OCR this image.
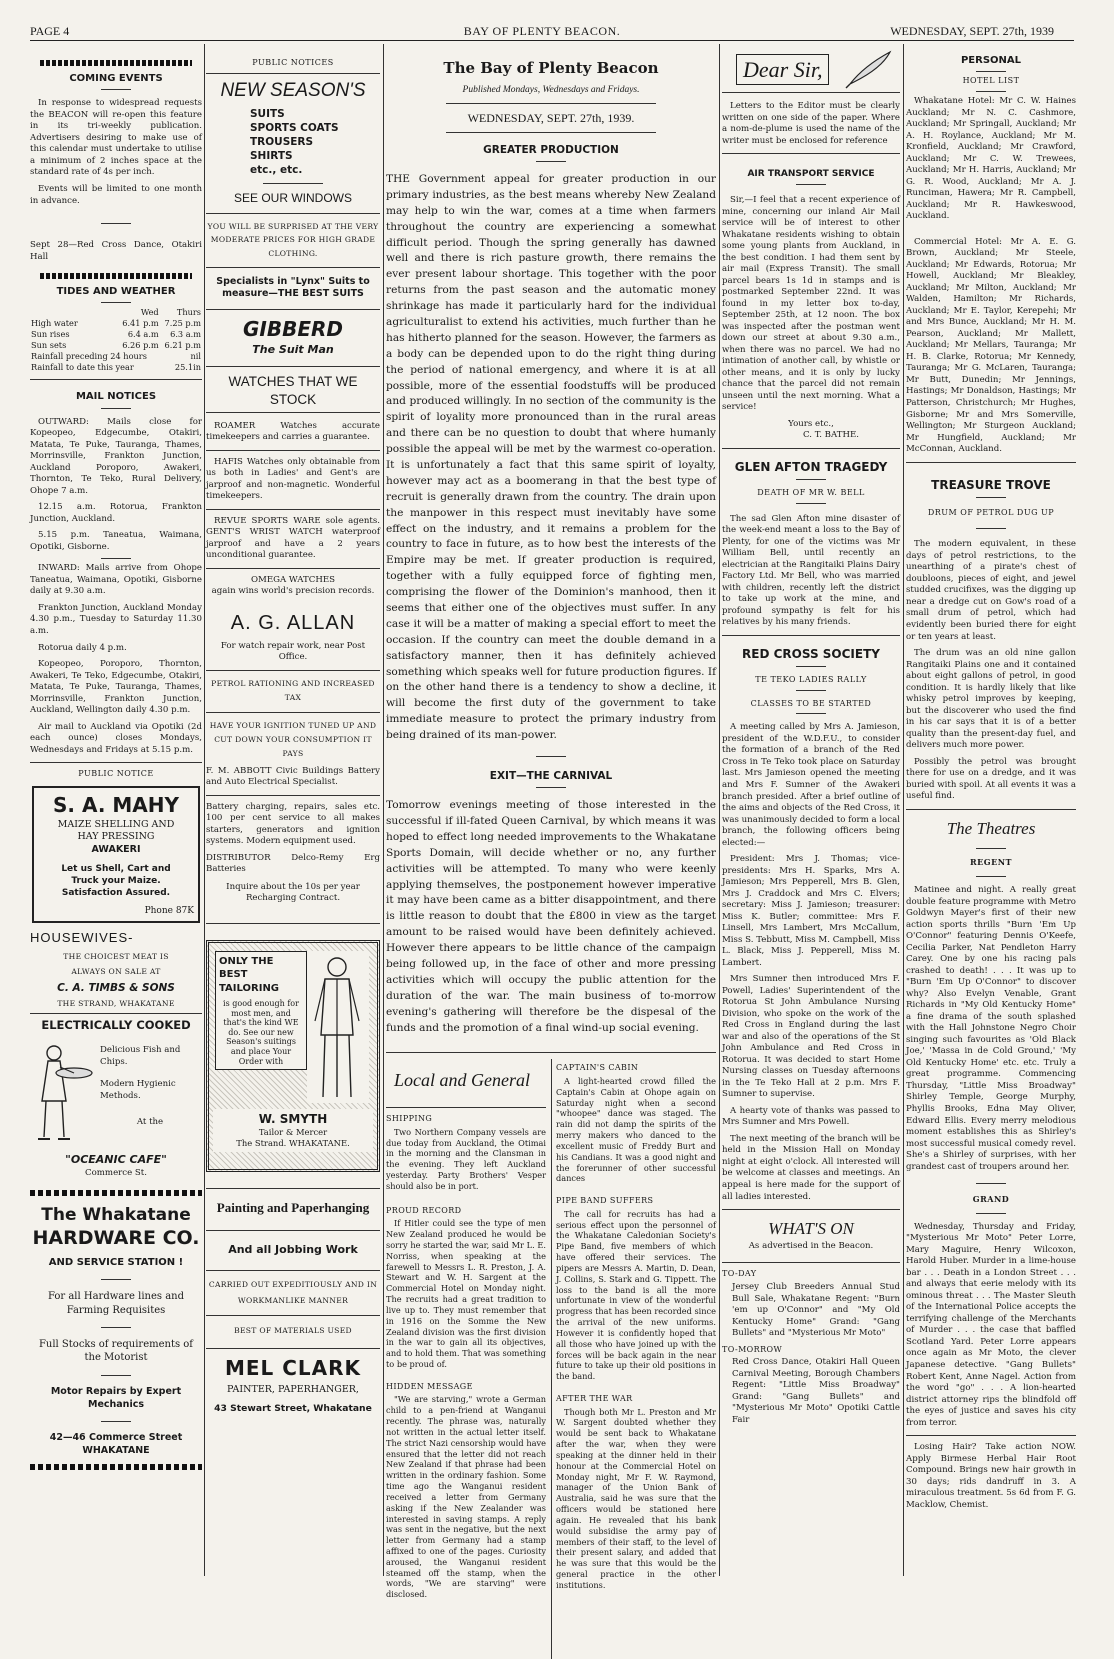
PAGE 4	BAY OF PLENTY BEACON.	WEDNESDAY, SEPT. 27th, 1939
COMING EVENTS

In response to widespread requests the BEACON will re-open this feature in its tri-weekly publication. Advertisers desiring to make use of this calendar must undertake to utilise a minimum of 2 inches space at the standard rate of 4s per inch.

Events will be limited to one month in advance.

Sept 28—Red Cross Dance, Otakiri Hall

TIDES AND WEATHER
	Wed	Thurs
High water	6.41 p.m	7.25 p.m
Sun rises	6.4 a.m	6.3 a.m
Sun sets	6.26 p.m	6.21 p.m
Rainfall preceding 24 hours		nil
Rainfall to date this year		25.1in
MAIL NOTICES

OUTWARD: Mails close for Kopeopeo, Edgecumbe, Otakiri, Matata, Te Puke, Tauranga, Thames, Morrinsville, Frankton Junction, Auckland Poroporo, Awakeri, Thornton, Te Teko, Rural Delivery, Ohope 7 a.m.

12.15 a.m. Rotorua, Frankton Junction, Auckland.

5.15 p.m. Taneatua, Waimana, Opotiki, Gisborne.

INWARD: Mails arrive from Ohope Taneatua, Waimana, Opotiki, Gisborne daily at 9.30 a.m.

Frankton Junction, Auckland Monday 4.30 p.m., Tuesday to Saturday 11.30 a.m.

Rotorua daily 4 p.m.

Kopeopeo, Poroporo, Thornton, Awakeri, Te Teko, Edgecumbe, Otakiri, Matata, Te Puke, Tauranga, Thames, Morrinsville, Frankton Junction, Auckland, Wellington daily 4.30 p.m.

Air mail to Auckland via Opotiki (2d each ounce) closes Mondays, Wednesdays and Fridays at 5.15 p.m.

PUBLIC NOTICE
S. A. MAHY
MAIZE SHELLING AND
HAY PRESSING
AWAKERI
Let us Shell, Cart and
Truck your Maize.
Satisfaction Assured.
Phone 87K
HOUSEWIVES-
THE CHOICEST MEAT IS
ALWAYS ON SALE AT
C. A. TIMBS & SONS
THE STRAND, WHAKATANE
ELECTRICALLY COOKED
Delicious Fish and Chips.
Modern Hygienic Methods.
At the
"OCEANIC CAFE"
Commerce St.
The Whakatane
HARDWARE CO.
AND SERVICE STATION !
For all Hardware lines and Farming Requisites
Full Stocks of requirements of the Motorist
Motor Repairs by Expert Mechanics
42—46 Commerce Street
WHAKATANE
PUBLIC NOTICES
NEW SEASON'S
SUITS
SPORTS COATS
TROUSERS
SHIRTS
etc., etc.
SEE OUR WINDOWS
YOU WILL BE SURPRISED AT THE VERY MODERATE PRICES FOR HIGH GRADE CLOTHING.
Specialists in "Lynx" Suits to measure—THE BEST SUITS
GIBBERD
The Suit Man
WATCHES THAT WE STOCK

ROAMER Watches accurate timekeepers and carries a guarantee.

HAFIS Watches only obtainable from us both in Ladies' and Gent's are jarproof and non-magnetic. Wonderful timekeepers.

REVUE SPORTS WARE sole agents. GENT'S WRIST WATCH waterproof jarproof and have a 2 years unconditional guarantee.

OMEGA WATCHES
again wins world's precision records.
A. G. ALLAN
For watch repair work, near Post Office.
PETROL RATIONING AND INCREASED TAX
HAVE YOUR IGNITION TUNED UP AND
CUT DOWN YOUR CONSUMPTION IT PAYS

F. M. ABBOTT Civic Buildings Battery and Auto Electrical Specialist.

Battery charging, repairs, sales etc. 100 per cent service to all makes starters, generators and ignition systems. Modern equipment used.

DISTRIBUTOR Delco-Remy Erg Batteries

Inquire about the 10s per year Recharging Contract.
ONLY THE
BEST
TAILORING
is good enough for most men, and that's the kind WE do. See our new Season's suitings and place Your Order with
W. SMYTH
Tailor & Mercer
The Strand. WHAKATANE.
Painting and Paperhanging
And all Jobbing Work
CARRIED OUT EXPEDITIOUSLY AND IN WORKMANLIKE MANNER
BEST OF MATERIALS USED
MEL CLARK
PAINTER, PAPERHANGER,
43 Stewart Street, Whakatane
The Bay of Plenty Beacon
Published Mondays, Wednesdays and Fridays.
WEDNESDAY, SEPT. 27th, 1939.
GREATER PRODUCTION
THE Government appeal for greater production in our primary industries, as the best means whereby New Zealand may help to win the war, comes at a time when farmers throughout the country are experiencing a somewhat difficult period. Though the spring generally has dawned well and there is rich pasture growth, there remains the ever present labour shortage. This together with the poor returns from the past season and the automatic money shrinkage has made it particularly hard for the individual agriculturalist to extend his activities, much further than he has hitherto planned for the season. However, the farmers as a body can be depended upon to do the right thing during the period of national emergency, and where it is at all possible, more of the essential foodstuffs will be produced and produced willingly. In no section of the community is the spirit of loyality more pronounced than in the rural areas and there can be no question to doubt that where humanly possible the appeal will be met by the warmest co-operation. It is unfortunately a fact that this same spirit of loyalty, however may act as a boomerang in that the best type of recruit is generally drawn from the country. The drain upon the manpower in this respect must inevitably have some effect on the industry, and it remains a problem for the country to face in future, as to how best the interests of the Empire may be met. If greater production is required, together with a fully equipped force of fighting men, comprising the flower of the Dominion's manhood, then it seems that either one of the objectives must suffer. In any case it will be a matter of making a special effort to meet the occasion. If the country can meet the double demand in a satisfactory manner, then it has definitely achieved something which speaks well for future production figures. If on the other hand there is a tendency to show a decline, it will become the first duty of the government to take immediate measure to protect the primary industry from being drained of its man-power.
EXIT—THE CARNIVAL
Tomorrow evenings meeting of those interested in the successful if ill-fated Queen Carnival, by which means it was hoped to effect long needed improvements to the Whakatane Sports Domain, will decide whether or no, any further activities will be attempted. To many who were keenly applying themselves, the postponement however imperative it may have been came as a bitter disappointment, and there is little reason to doubt that the £800 in view as the target amount to be raised would have been definitely achieved. However there appears to be little chance of the campaign being followed up, in the face of other and more pressing activities which will occupy the public attention for the duration of the war. The main business of to-morrow evening's gathering will therefore be the dispesal of the funds and the promotion of a final wind-up social evening.
Local and General
SHIPPING

Two Northern Company vessels are due today from Auckland, the Otimai in the morning and the Clansman in the evening. They left Auckland yesterday. Party Brothers' Vesper should also be in port.

PROUD RECORD

If Hitler could see the type of men New Zealand produced he would be sorry he started the war, said Mr L. E. Norriss, when speaking at the farewell to Messrs L. R. Preston, J. A. Stewart and W. H. Sargent at the Commercial Hotel on Monday night. The recruits had a great tradition to live up to. They must remember that in 1916 on the Somme the New Zealand division was the first division in the war to gain all its objectives, and to hold them. That was something to be proud of.

HIDDEN MESSAGE

"We are starving," wrote a German child to a pen-friend at Wanganui recently. The phrase was, naturally not written in the actual letter itself. The strict Nazi censorship would have ensured that the letter did not reach New Zealand if that phrase had been written in the ordinary fashion. Some time ago the Wanganui resident received a letter from Germany asking if the New Zealander was interested in saving stamps. A reply was sent in the negative, but the next letter from Germany had a stamp affixed to one of the pages. Curiosity aroused, the Wanganui resident steamed off the stamp, when the words, "We are starving" were disclosed.

CAPTAIN'S CABIN

A light-hearted crowd filled the Captain's Cabin at Ohope again on Saturday night when a second "whoopee" dance was staged. The rain did not damp the spirits of the merry makers who danced to the excellent music of Freddy Burt and his Candians. It was a good night and the forerunner of other successful dances

PIPE BAND SUFFERS

The call for recruits has had a serious effect upon the personnel of the Whakatane Caledonian Society's Pipe Band, five members of which have offered their services. The pipers are Messrs A. Martin, D. Dean, J. Collins, S. Stark and G. Tippett. The loss to the band is all the more unfortunate in view of the wonderful progress that has been recorded since the arrival of the new uniforms. However it is confidently hoped that all those who have joined up with the forces will be back again in the near future to take up their old positions in the band.

AFTER THE WAR

Though both Mr L. Preston and Mr W. Sargent doubted whether they would be sent back to Whakatane after the war, when they were speaking at the dinner held in their honour at the Commercial Hotel on Monday night, Mr F. W. Raymond, manager of the Union Bank of Australia, said he was sure that the officers would be stationed here again. He revealed that his bank would subsidise the army pay of members of their staff, to the level of their present salary, and added that he was sure that this would be the general practice in the other institutions.

Dear Sir,

Letters to the Editor must be clearly written on one side of the paper. Where a nom-de-plume is used the name of the writer must be enclosed for reference

AIR TRANSPORT SERVICE

Sir,—I feel that a recent experience of mine, concerning our inland Air Mail service will be of interest to other Whakatane residents wishing to obtain some young plants from Auckland, in the best condition. I had them sent by air mail (Express Transit). The small parcel bears 1s 1d in stamps and is postmarked September 22nd. It was found in my letter box to-day, September 25th, at 12 noon. The box was inspected after the postman went down our street at about 9.30 a.m., when there was no parcel. We had no intimation of another call, by whistle or other means, and it is only by lucky chance that the parcel did not remain unseen until the next morning. What a service!

Yours etc.,
C. T. BATHE.
GLEN AFTON TRAGEDY
DEATH OF MR W. BELL

The sad Glen Afton mine disaster of the week-end meant a loss to the Bay of Plenty, for one of the victims was Mr William Bell, until recently an electrician at the Rangitaiki Plains Dairy Factory Ltd. Mr Bell, who was married with children, recently left the district to take up work at the mine, and profound sympathy is felt for his relatives by his many friends.

RED CROSS SOCIETY
TE TEKO LADIES RALLY
CLASSES TO BE STARTED

A meeting called by Mrs A. Jamieson, president of the W.D.F.U., to consider the formation of a branch of the Red Cross in Te Teko took place on Saturday last. Mrs Jamieson opened the meeting and Mrs F. Sumner of the Awakeri branch presided. After a brief outline of the aims and objects of the Red Cross, it was unanimously decided to form a local branch, the following officers being elected:—

President: Mrs J. Thomas; vice-presidents: Mrs H. Sparks, Mrs A. Jamieson; Mrs Pepperell, Mrs B. Glen, Mrs J. Craddock and Mrs C. Elvers; secretary: Miss J. Jamieson; treasurer: Miss K. Butler; committee: Mrs F. Linsell, Mrs Lambert, Mrs McCallum, Miss S. Tebbutt, Miss M. Campbell, Miss L. Black, Miss J. Pepperell, Miss M. Lambert.

Mrs Sumner then introduced Mrs F. Powell, Ladies' Superintendent of the Rotorua St John Ambulance Nursing Division, who spoke on the work of the Red Cross in England during the last war and also of the operations of the St John Ambulance and Red Cross in Rotorua. It was decided to start Home Nursing classes on Tuesday afternoons in the Te Teko Hall at 2 p.m. Mrs F. Sumner to supervise.

A hearty vote of thanks was passed to Mrs Sumner and Mrs Powell.

The next meeting of the branch will be held in the Mission Hall on Monday night at eight o'clock. All interested will be welcome at classes and meetings. An appeal is here made for the support of all ladies interested.

WHAT'S ON
As advertised in the Beacon.
TO-DAY

Jersey Club Breeders Annual Stud Bull Sale, Whakatane Regent: "Burn 'em up O'Connor" and "My Old Kentucky Home" Grand: "Gang Bullets" and "Mysterious Mr Moto"

TO-MORROW

Red Cross Dance, Otakiri Hall Queen Carnival Meeting, Borough Chambers Regent: "Little Miss Broadway" Grand: "Gang Bullets" and "Mysterious Mr Moto" Opotiki Cattle Fair

PERSONAL
HOTEL LIST

Whakatane Hotel: Mr C. W. Haines Auckland; Mr N. C. Cashmore, Auckland; Mr Springall, Auckland; Mr A. H. Roylance, Auckland; Mr M. Kronfield, Auckland; Mr Crawford, Auckland; Mr C. W. Trewees, Auckland; Mr H. Harris, Auckland; Mr G. R. Wood, Auckland; Mr A. J. Runciman, Hawera; Mr R. Campbell, Auckland; Mr R. Hawkeswood, Auckland.

Commercial Hotel: Mr A. E. G. Brown, Auckland; Mr Steele, Auckland; Mr Edwards, Rotorua; Mr Howell, Auckland; Mr Bleakley, Auckland; Mr Milton, Auckland; Mr Walden, Hamilton; Mr Richards, Auckland; Mr E. Taylor, Kerepehi; Mr and Mrs Bunce, Auckland; Mr H. M. Pearson, Auckland; Mr Mallett, Auckland; Mr Mellars, Tauranga; Mr H. B. Clarke, Rotorua; Mr Kennedy, Tauranga; Mr G. McLaren, Tauranga; Mr Butt, Dunedin; Mr Jennings, Hastings; Mr Donaldson, Hastings; Mr Patterson, Christchurch; Mr Hughes, Gisborne; Mr and Mrs Somerville, Wellington; Mr Sturgeon Auckland; Mr Hungfield, Auckland; Mr McConnan, Auckland.

TREASURE TROVE
DRUM OF PETROL DUG UP

The modern equivalent, in these days of petrol restrictions, to the unearthing of a pirate's chest of doubloons, pieces of eight, and jewel studded crucifixes, was the digging up near a dredge cut on Gow's road of a small drum of petrol, which had evidently been buried there for eight or ten years at least.

The drum was an old nine gallon Rangitaiki Plains one and it contained about eight gallons of petrol, in good condition. It is hardly likely that like whisky petrol improves by keeping, but the discoverer who used the find in his car says that it is of a better quality than the present-day fuel, and delivers much more power.

Possibly the petrol was brought there for use on a dredge, and it was buried with spoil. At all events it was a useful find.

The Theatres
REGENT

Matinee and night. A really great double feature programme with Metro Goldwyn Mayer's first of their new action sports thrills "Burn 'Em Up O'Connor" featuring Dennis O'Keefe, Cecilia Parker, Nat Pendleton Harry Carey. One by one his racing pals crashed to death! . . . It was up to "Burn 'Em Up O'Connor" to discover why? Also Evelyn Venable, Grant Richards in "My Old Kentucky Home" a fine drama of the south splashed with the Hall Johnstone Negro Choir singing such favourites as 'Old Black Joe,' 'Massa in de Cold Ground,' 'My Old Kentucky Home' etc. etc. Truly a great programme. Commencing Thursday, "Little Miss Broadway" Shirley Temple, George Murphy, Phyllis Brooks, Edna May Oliver, Edward Ellis. Every merry melodious moment establishes this as Shirley's most successful musical comedy revel. She's a Shirley of surprises, with her grandest cast of troupers around her.

GRAND

Wednesday, Thursday and Friday, "Mysterious Mr Moto" Peter Lorre, Mary Maguire, Henry Wilcoxon, Harold Huber. Murder in a lime-house bar . . . Death in a London Street . . . and always that eerie melody with its ominous threat . . . The Master Sleuth of the International Police accepts the terrifying challenge of the Merchants of Murder . . . the case that baffled Scotland Yard. Peter Lorre appears once again as Mr Moto, the clever Japanese detective. "Gang Bullets" Robert Kent, Anne Nagel. Action from the word "go" . . . A lion-hearted district attorney rips the blindfold off the eyes of justice and saves his city from terror.

Losing Hair? Take action NOW. Apply Birmese Herbal Hair Root Compound. Brings new hair growth in 30 days; rids dandruff in 3. A miraculous treatment. 5s 6d from F. G. Macklow, Chemist.
